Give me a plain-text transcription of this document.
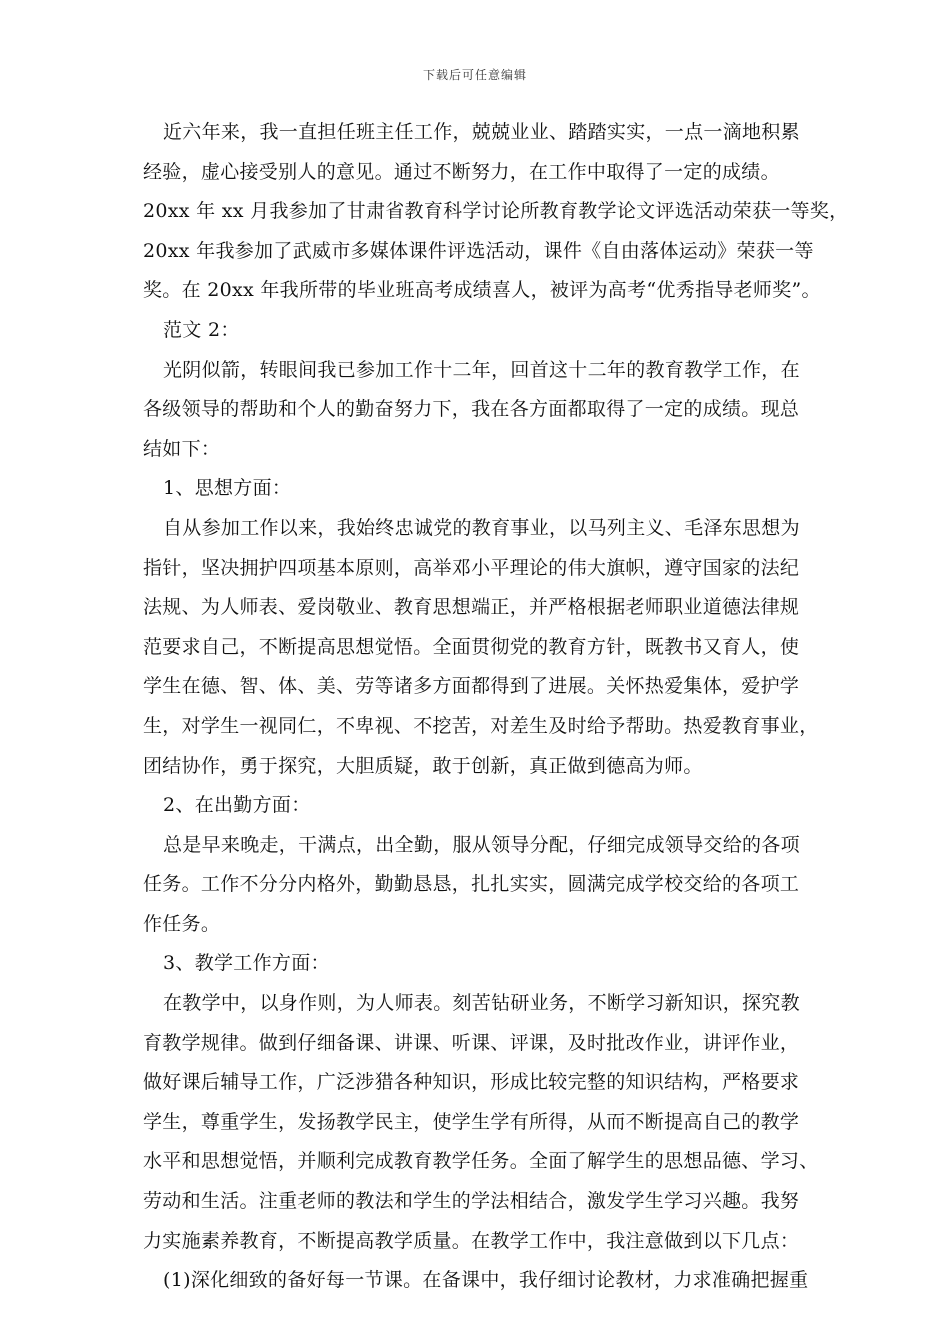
下载后可任意编辑
近六年来，我一直担任班主任工作，兢兢业业、踏踏实实，一点一滴地积累
经验，虚心接受别人的意见。通过不断努力，在工作中取得了一定的成绩。
20xx 年 xx 月我参加了甘肃省教育科学讨论所教育教学论文评选活动荣获一等奖，
20xx 年我参加了武威市多媒体课件评选活动，课件《自由落体运动》荣获一等
奖。在 20xx 年我所带的毕业班高考成绩喜人，被评为高考“优秀指导老师奖”。
范文 2：
光阴似箭，转眼间我已参加工作十二年，回首这十二年的教育教学工作，在
各级领导的帮助和个人的勤奋努力下，我在各方面都取得了一定的成绩。现总
结如下：
1、思想方面：
自从参加工作以来，我始终忠诚党的教育事业，以马列主义、毛泽东思想为
指针，坚决拥护四项基本原则，高举邓小平理论的伟大旗帜，遵守国家的法纪
法规、为人师表、爱岗敬业、教育思想端正，并严格根据老师职业道德法律规
范要求自己，不断提高思想觉悟。全面贯彻党的教育方针，既教书又育人，使
学生在德、智、体、美、劳等诸多方面都得到了进展。关怀热爱集体，爱护学
生，对学生一视同仁，不卑视、不挖苦，对差生及时给予帮助。热爱教育事业，
团结协作，勇于探究，大胆质疑，敢于创新，真正做到德高为师。
2、在出勤方面：
总是早来晚走，干满点，出全勤，服从领导分配，仔细完成领导交给的各项
任务。工作不分分内格外，勤勤恳恳，扎扎实实，圆满完成学校交给的各项工
作任务。
3、教学工作方面：
在教学中，以身作则，为人师表。刻苦钻研业务，不断学习新知识，探究教
育教学规律。做到仔细备课、讲课、听课、评课，及时批改作业，讲评作业，
做好课后辅导工作，广泛涉猎各种知识，形成比较完整的知识结构，严格要求
学生，尊重学生，发扬教学民主，使学生学有所得，从而不断提高自己的教学
水平和思想觉悟，并顺利完成教育教学任务。全面了解学生的思想品德、学习、
劳动和生活。注重老师的教法和学生的学法相结合，激发学生学习兴趣。我努
力实施素养教育，不断提高教学质量。在教学工作中，我注意做到以下几点：
(1)深化细致的备好每一节课。在备课中，我仔细讨论教材，力求准确把握重
